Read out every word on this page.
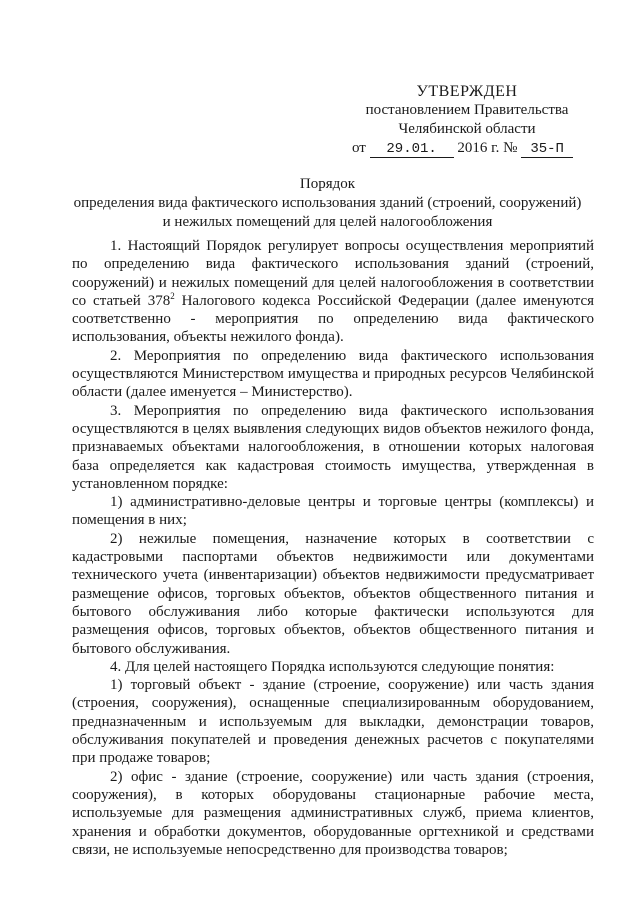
УТВЕРЖДЕН
постановлением Правительства
Челябинской области
от 29.01. 2016 г. № 35-П
Порядок
определения вида фактического использования зданий (строений, сооружений)
и нежилых помещений для целей налогообложения

1. Настоящий Порядок регулирует вопросы осуществления мероприятий по определению вида фактического использования зданий (строений, сооружений) и нежилых помещений для целей налогообложения в соответствии со статьей $378^2$ Налогового кодекса Российской Федерации (далее именуются соответственно - мероприятия по определению вида фактического использования, объекты нежилого фонда).

2. Мероприятия по определению вида фактического использования осуществляются Министерством имущества и природных ресурсов Челябинской области (далее именуется – Министерство).

3. Мероприятия по определению вида фактического использования осуществляются в целях выявления следующих видов объектов нежилого фонда, признаваемых объектами налогообложения, в отношении которых налоговая база определяется как кадастровая стоимость имущества, утвержденная в установленном порядке:

1) административно-деловые центры и торговые центры (комплексы) и помещения в них;

2) нежилые помещения, назначение которых в соответствии с кадастровыми паспортами объектов недвижимости или документами технического учета (инвентаризации) объектов недвижимости предусматривает размещение офисов, торговых объектов, объектов общественного питания и бытового обслуживания либо которые фактически используются для размещения офисов, торговых объектов, объектов общественного питания и бытового обслуживания.

4. Для целей настоящего Порядка используются следующие понятия:

1) торговый объект - здание (строение, сооружение) или часть здания (строения, сооружения), оснащенные специализированным оборудованием, предназначенным и используемым для выкладки, демонстрации товаров, обслуживания покупателей и проведения денежных расчетов с покупателями при продаже товаров;

2) офис - здание (строение, сооружение) или часть здания (строения, сооружения), в которых оборудованы стационарные рабочие места, используемые для размещения административных служб, приема клиентов, хранения и обработки документов, оборудованные оргтехникой и средствами связи, не используемые непосредственно для производства товаров;
